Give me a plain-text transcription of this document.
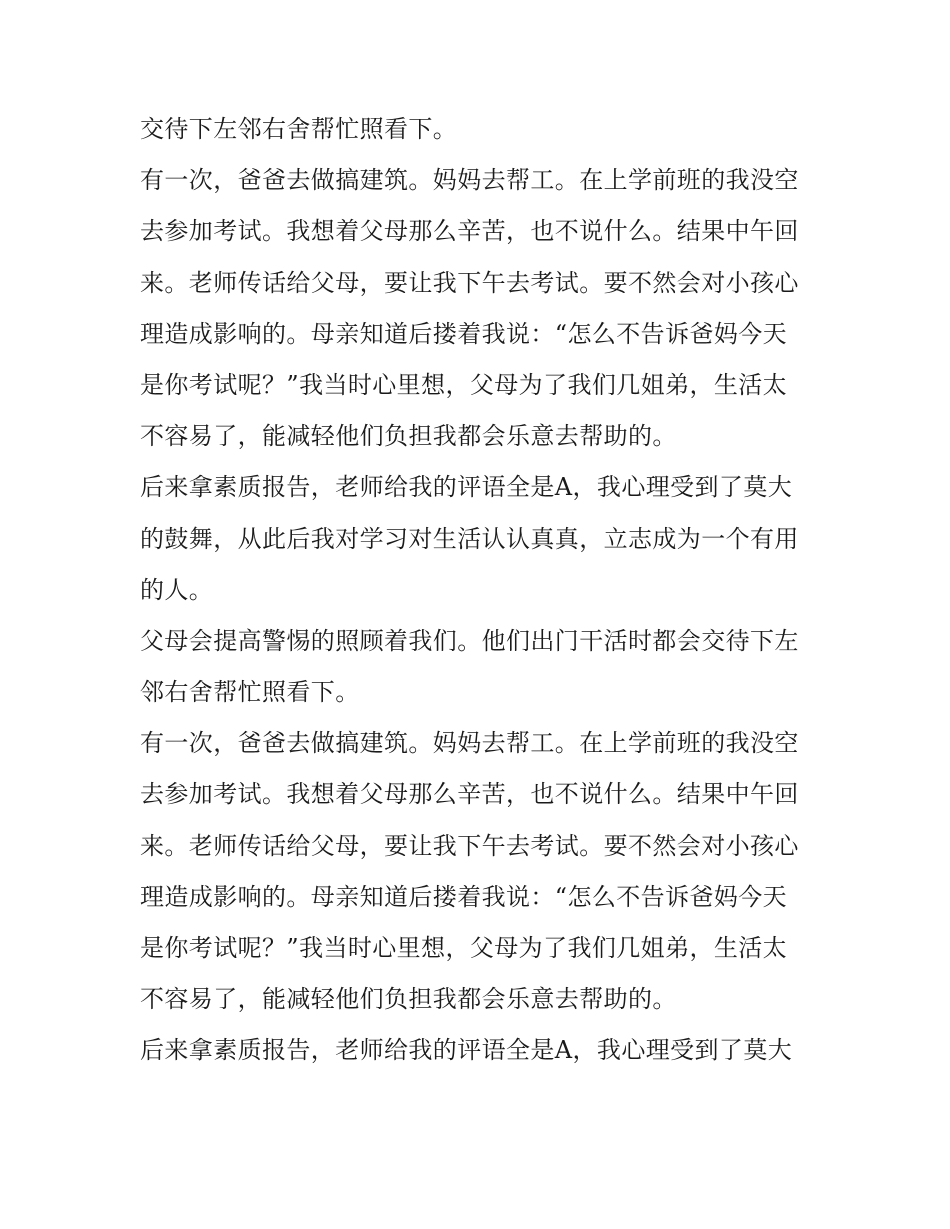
交待下左邻右舍帮忙照看下。
有一次，爸爸去做搞建筑。妈妈去帮工。在上学前班的我没空
去参加考试。我想着父母那么辛苦，也不说什么。结果中午回
来。老师传话给父母，要让我下午去考试。要不然会对小孩心
理造成影响的。母亲知道后搂着我说：“怎么不告诉爸妈今天
是你考试呢？”我当时心里想，父母为了我们几姐弟，生活太
不容易了，能减轻他们负担我都会乐意去帮助的。
后来拿素质报告，老师给我的评语全是A，我心理受到了莫大
的鼓舞，从此后我对学习对生活认认真真，立志成为一个有用
的人。
父母会提高警惕的照顾着我们。他们出门干活时都会交待下左
邻右舍帮忙照看下。
有一次，爸爸去做搞建筑。妈妈去帮工。在上学前班的我没空
去参加考试。我想着父母那么辛苦，也不说什么。结果中午回
来。老师传话给父母，要让我下午去考试。要不然会对小孩心
理造成影响的。母亲知道后搂着我说：“怎么不告诉爸妈今天
是你考试呢？”我当时心里想，父母为了我们几姐弟，生活太
不容易了，能减轻他们负担我都会乐意去帮助的。
后来拿素质报告，老师给我的评语全是A，我心理受到了莫大
